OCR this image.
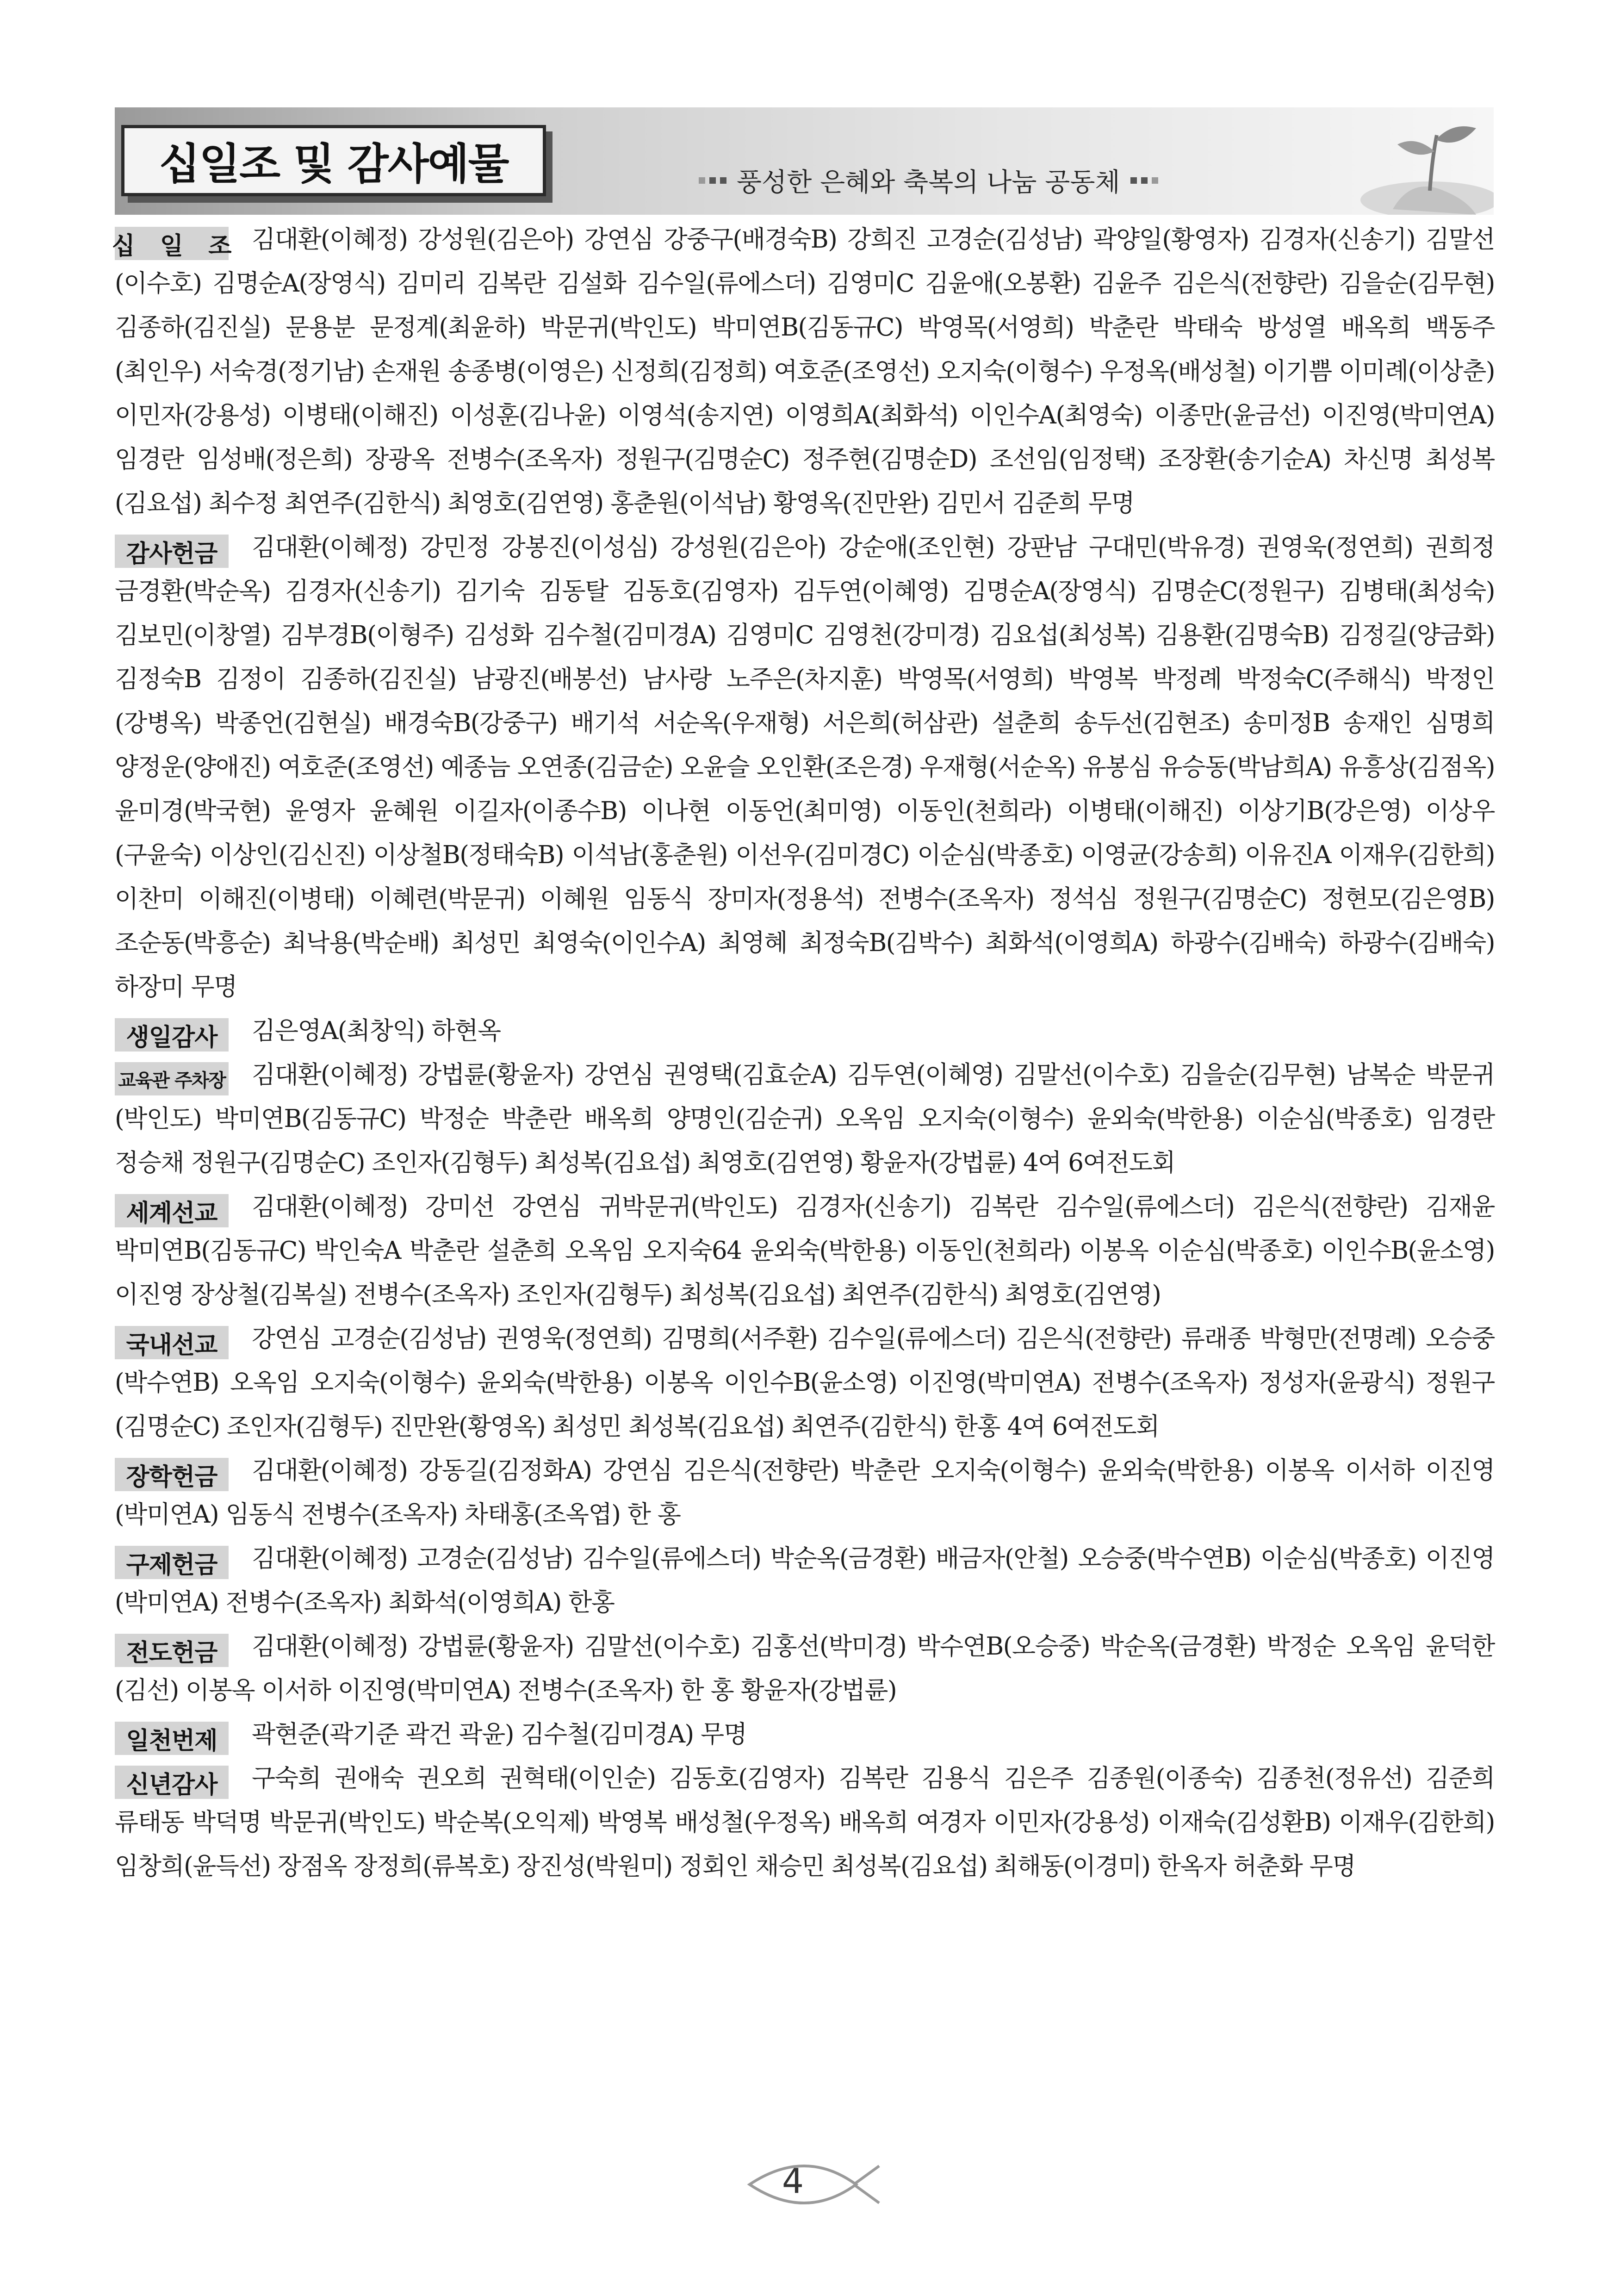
십일조 및 감사예물	풍성한 은혜와 축복의 나눔 공동체
십 일 조 김대환(이혜정) 강성원(김은아) 강연심 강중구(배경숙B) 강희진 고경순(김성남) 곽양일(황영자) 김경자(신송기) 김말선(이수호) 김명순A(장영식) 김미리 김복란 김설화 김수일(류에스더) 김영미C 김윤애(오봉환) 김윤주 김은식(전향란) 김을순(김무현) 김종하(김진실) 문용분 문정계(최윤하) 박문귀(박인도) 박미연B(김동규C) 박영목(서영희) 박춘란 박태숙 방성열 배옥희 백동주(최인우) 서숙경(정기남) 손재원 송종병(이영은) 신정희(김정희) 여호준(조영선) 오지숙(이형수) 우정옥(배성철) 이기쁨 이미례(이상춘) 이민자(강용성) 이병태(이해진) 이성훈(김나윤) 이영석(송지연) 이영희A(최화석) 이인수A(최영숙) 이종만(윤금선) 이진영(박미연A) 임경란 임성배(정은희) 장광옥 전병수(조옥자) 정원구(김명순C) 정주현(김명순D) 조선임(임정택) 조장환(송기순A) 차신명 최성복(김요섭) 최수정 최연주(김한식) 최영호(김연영) 홍춘원(이석남) 황영옥(진만완) 김민서 김준희 무명

감사헌금	김대환(이혜정) 강민정 강봉진(이성심) 강성원(김은아) 강순애(조인현) 강판남 구대민(박유경) 권영욱(정연희) 권희정 금경환(박순옥) 김경자(신송기) 김기숙 김동탈 김동호(김영자) 김두연(이혜영) 김명순A(장영식) 김명순C(정원구) 김병태(최성숙) 김보민(이창열) 김부경B(이형주) 김성화 김수철(김미경A) 김영미C 김영천(강미경) 김요섭(최성복) 김용환(김명숙B) 김정길(양금화) 김정숙B 김정이 김종하(김진실) 남광진(배봉선) 남사랑 노주은(차지훈) 박영목(서영희) 박영복 박정례 박정숙C(주해식) 박정인(강병옥) 박종언(김현실) 배경숙B(강중구) 배기석 서순옥(우재형) 서은희(허삼관) 설춘희 송두선(김현조) 송미정B 송재인 심명희 양정운(양애진) 여호준(조영선) 예종늠 오연종(김금순) 오윤슬 오인환(조은경) 우재형(서순옥) 유봉심 유승동(박남희A) 유흥상(김점옥) 윤미경(박국현) 윤영자 윤혜원 이길자(이종수B) 이나현 이동언(최미영) 이동인(천희라) 이병태(이해진) 이상기B(강은영) 이상우(구윤숙) 이상인(김신진) 이상철B(정태숙B) 이석남(홍춘원) 이선우(김미경C) 이순심(박종호) 이영균(강송희) 이유진A 이재우(김한희) 이찬미 이해진(이병태) 이혜련(박문귀) 이혜원 임동식 장미자(정용석) 전병수(조옥자) 정석심 정원구(김명순C) 정현모(김은영B) 조순동(박흥순) 최낙용(박순배) 최성민 최영숙(이인수A) 최영혜 최정숙B(김박수) 최화석(이영희A) 하광수(김배숙) 하광수(김배숙) 하장미 무명

생일감사	김은영A(최창익) 하현옥

교육관 주차장	김대환(이혜정) 강법륜(황윤자) 강연심 권영택(김효순A) 김두연(이혜영) 김말선(이수호) 김을순(김무현) 남복순 박문귀(박인도) 박미연B(김동규C) 박정순 박춘란 배옥희 양명인(김순귀) 오옥임 오지숙(이형수) 윤외숙(박한용) 이순심(박종호) 임경란 정승채 정원구(김명순C) 조인자(김형두) 최성복(김요섭) 최영호(김연영) 황윤자(강법륜) 4여 6여전도회

세계선교	김대환(이혜정) 강미선 강연심 귀박문귀(박인도) 김경자(신송기) 김복란 김수일(류에스더) 김은식(전향란) 김재윤 박미연B(김동규C) 박인숙A 박춘란 설춘희 오옥임 오지숙64 윤외숙(박한용) 이동인(천희라) 이봉옥 이순심(박종호) 이인수B(윤소영) 이진영 장상철(김복실) 전병수(조옥자) 조인자(김형두) 최성복(김요섭) 최연주(김한식) 최영호(김연영)

국내선교	강연심 고경순(김성남) 권영욱(정연희) 김명희(서주환) 김수일(류에스더) 김은식(전향란) 류래종 박형만(전명례) 오승중(박수연B) 오옥임 오지숙(이형수) 윤외숙(박한용) 이봉옥 이인수B(윤소영) 이진영(박미연A) 전병수(조옥자) 정성자(윤광식) 정원구(김명순C) 조인자(김형두) 진만완(황영옥) 최성민 최성복(김요섭) 최연주(김한식) 한홍 4여 6여전도회

장학헌금	김대환(이혜정) 강동길(김정화A) 강연심 김은식(전향란) 박춘란 오지숙(이형수) 윤외숙(박한용) 이봉옥 이서하 이진영(박미연A) 임동식 전병수(조옥자) 차태홍(조옥엽) 한 홍

구제헌금	김대환(이혜정) 고경순(김성남) 김수일(류에스더) 박순옥(금경환) 배금자(안철) 오승중(박수연B) 이순심(박종호) 이진영(박미연A) 전병수(조옥자) 최화석(이영희A) 한홍

전도헌금	김대환(이혜정) 강법륜(황윤자) 김말선(이수호) 김홍선(박미경) 박수연B(오승중) 박순옥(금경환) 박정순 오옥임 윤덕한(김선) 이봉옥 이서하 이진영(박미연A) 전병수(조옥자) 한 홍 황윤자(강법륜)

일천번제	곽현준(곽기준 곽건 곽윤) 김수철(김미경A) 무명

신년감사	구숙희 권애숙 권오희 권혁태(이인순) 김동호(김영자) 김복란 김용식 김은주 김종원(이종숙) 김종천(정유선) 김준희 류태동 박덕명 박문귀(박인도) 박순복(오익제) 박영복 배성철(우정옥) 배옥희 여경자 이민자(강용성) 이재숙(김성환B) 이재우(김한희) 임창희(윤득선) 장점옥 장정희(류복호) 장진성(박원미) 정회인 채승민 최성복(김요섭) 최해동(이경미) 한옥자 허춘화 무명

4
